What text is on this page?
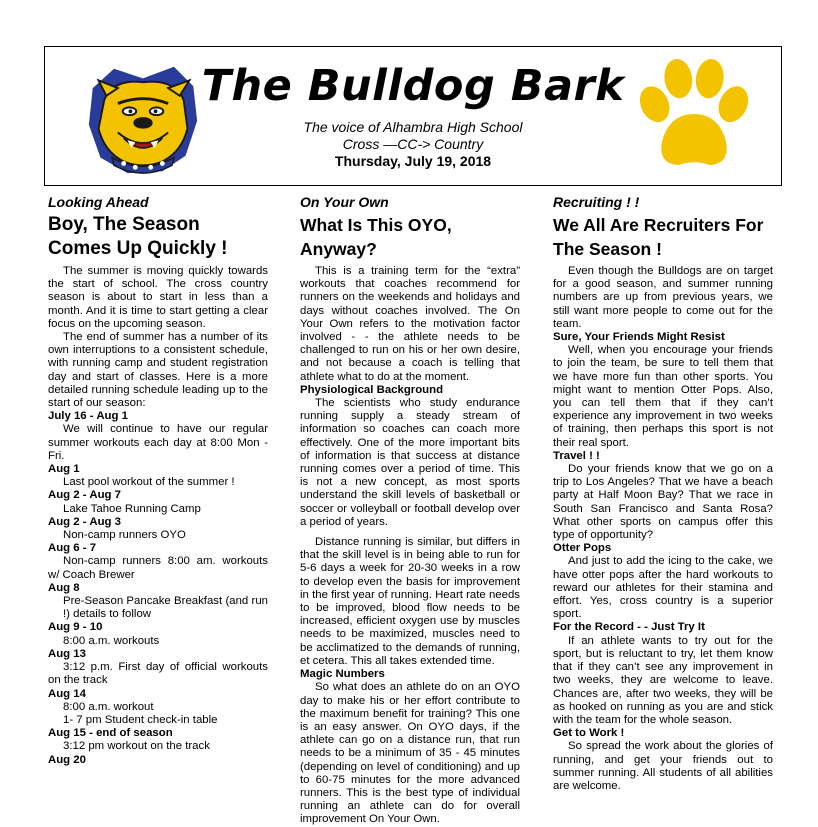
The Bulldog Bark
The voice of Alhambra High School
Cross —CC-> Country
Thursday, July 19, 2018
Looking Ahead
Boy, The Season Comes Up Quickly !

The summer is moving quickly towards the start of school. The cross country season is about to start in less than a month. And it is time to start getting a clear focus on the upcoming season.

The end of summer has a number of its own interruptions to a consistent schedule, with running camp and student registration day and start of classes. Here is a more detailed running schedule leading up to the start of our season:

July 16 - Aug 1

We will continue to have our regular summer workouts each day at 8:00 Mon - Fri.

Aug 1

Last pool workout of the summer !

Aug 2 - Aug 7

Lake Tahoe Running Camp

Aug 2 - Aug 3

Non-camp runners OYO

Aug 6 - 7

Non-camp runners 8:00 am. workouts w/ Coach Brewer

Aug 8

Pre-Season Pancake Breakfast (and run !) details to follow

Aug 9 - 10

8:00 a.m. workouts

Aug 13

3:12 p.m. First day of official workouts on the track

Aug 14

8:00 a.m. workout

1- 7 pm Student check-in table

Aug 15 - end of season

3:12 pm workout on the track

Aug 20
On Your Own
What Is This OYO, Anyway?

This is a training term for the “extra” workouts that coaches recommend for runners on the weekends and holidays and days without coaches involved. The On Your Own refers to the motivation factor involved - - the athlete needs to be challenged to run on his or her own desire, and not because a coach is telling that athlete what to do at the moment.

Physiological Background

The scientists who study endurance running supply a steady stream of information so coaches can coach more effectively. One of the more important bits of information is that success at distance running comes over a period of time. This is not a new concept, as most sports understand the skill levels of basketball or soccer or volleyball or football develop over a period of years.

Distance running is similar, but differs in that the skill level is in being able to run for 5-6 days a week for 20-30 weeks in a row to develop even the basis for improvement in the first year of running. Heart rate needs to be improved, blood flow needs to be increased, efficient oxygen use by muscles needs to be maximized, muscles need to be acclimatized to the demands of running, et cetera. This all takes extended time.

Magic Numbers

So what does an athlete do on an OYO day to make his or her effort contribute to the maximum benefit for training? This one is an easy answer. On OYO days, if the athlete can go on a distance run, that run needs to be a minimum of 35 - 45 minutes (depending on level of conditioning) and up to 60-75 minutes for the more advanced runners. This is the best type of individual running an athlete can do for overall improvement On Your Own.

Recruiting ! !
We All Are Recruiters For The Season !

Even though the Bulldogs are on target for a good season, and summer running numbers are up from previous years, we still want more people to come out for the team.

Sure, Your Friends Might Resist

Well, when you encourage your friends to join the team, be sure to tell them that we have more fun than other sports. You might want to mention Otter Pops. Also, you can tell them that if they can’t experience any improvement in two weeks of training, then perhaps this sport is not their real sport.

Travel ! !

Do your friends know that we go on a trip to Los Angeles? That we have a beach party at Half Moon Bay? That we race in South San Francisco and Santa Rosa? What other sports on campus offer this type of opportunity?

Otter Pops

And just to add the icing to the cake, we have otter pops after the hard workouts to reward our athletes for their stamina and effort. Yes, cross country is a superior sport.

For the Record - - Just Try It

If an athlete wants to try out for the sport, but is reluctant to try, let them know that if they can’t see any improvement in two weeks, they are welcome to leave. Chances are, after two weeks, they will be as hooked on running as you are and stick with the team for the whole season.

Get to Work !

So spread the work about the glories of running, and get your friends out to summer running. All students of all abilities are welcome.
